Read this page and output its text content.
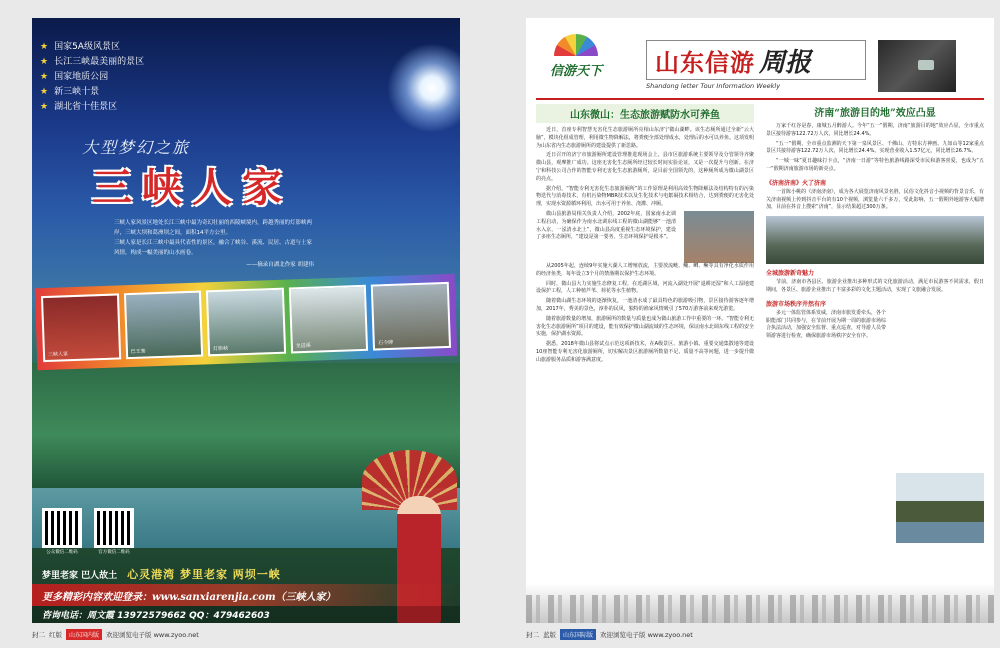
★ 国家5A级风景区
★ 长江三峡最美丽的景区
★ 国家地质公园
★ 新三峡十景
★ 湖北省十佳景区
大型梦幻之旅
三峡人家

三峡人家风景区地处长江三峡中最为奇幻壮丽的西陵峡境内，跨越秀丽的灯影峡两岸，三峡大坝和葛洲坝之间，面积14平方公里。

三峡人家是长江三峡中最具代表性的景区，融合了峡谷、溪流、民居、古道与土家风情，构成一幅美丽的山水画卷。

——摘录自湖北作家 胡建伟

三峡人家	巴王寨	灯影峡	龙进溪	石令牌
公众微信二维码	官方微信二维码
梦里老家 巴人故土 心灵港湾 梦里老家 两坝一峡
更多精彩内容欢迎登录：www.sanxiarenjia.com（三峡人家）
咨询电话：周文霞 13972579662 QQ：479462603
封二 红版	山东国内版	欢迎浏览电子版 www.zyoo.net
信游天下	山东信游 周报
Shandong letter Tour Information Weekly
山东微山：生态旅游赋防水可养鱼

近日，首座专利智慧无害化生态旅游厕所亮相山东济宁微山湖畔。该生态厕所通过全新“云大脑”，模块化组成管理，利用微生物降解法，将粪便全部处理成水，处理后的水可以养鱼。这项发明为山东省内生态旅游厕所的建设提供了新思路。

近日召开的济宁市旅游厕所建设管理推进现场会上，县市区旅游系统主要领导及分管领导齐聚微山县，观摩推广成功。这座无害化生态厕所经过较长时间实验论证，又是一次提升与创新。在济宁和科技公司合作的智能专利无害化生态旅游厕所，是目前全国领先的，这种厕所成为微山湖景区的亮点。

据介绍，“智能专利无害化生态旅游厕所”的工作原理是利用高效生物降解法及结构特有的污染物迭代与消毒技术，有机污染物MBR技术以及生化技术与电絮凝技术相结合，达到粪便的无害化处理，实现水资源循环利用，出水可用于养鱼、浇灌、冲厕。

微山县旅游局相关负责人介绍，2002年底，国家南水北调工程启动，为确保作为南水北调东线工程的微山湖能够“一池清水入京，一泓清水北上”，微山县高度重视生态环境保护，建设了多座生态厕所，“建设是第一要务，生态环境保护是根本”。

从2005年起，连续9年实施大湖人工增殖放流，主要放流鲢、鳙、鲫、鳜等具有净化水质作用的经济鱼类，每年设立3个月的禁渔期以保护生态环境。

同时，微山县大力实施生态修复工程，在近湖区域，河流入湖处开展“退耕还湿”和人工湿地建设保护工程，人工种植芦苇、荷花等水生植物。

随着微山湖生态环境的逐渐恢复，一池清水成了最具特色的旅游吸引物，景区接待游客逐年增加，2017年，秀美的景色，淳朴的民风，独特的渔家风情吸引了570万游客前来观光游览。

随着旅游数量的增加，旅游厕所的数量与质量也成为微山旅游工作中重要的一环。“智能专利无害化生态旅游厕所”项目的建设，能有效保护微山湖流域的生态环境，保证南水北调东线工程的安全实施，保护湖水资源。

据悉，2018年微山县将试点示范这项新技术，在A级景区、旅游小镇、重要交通集散地等建设10座智能专利无害化旅游厕所，切实解决景区旅游厕所数量不足、质量不高等问题，进一步提升微山旅游服务品质和游客满意度。

济南“旅游目的地”效应凸显

万家千红谷是春，康城五月醉游人。今年“五一”假期，济南“旅游目的地”效应凸显，全市重点景区接待游客122.72万人次，同比增长24.4%。

“五一”假期，全市重点监测的天下第一泉风景区、千佛山、方特东方神画、九如山等12家重点景区共接待游客122.72万人次，同比增长24.4%。实现营业收入1.57亿元，同比增长26.7%。

“一城一味”夏日趣味打卡点，“济南一日游”等特色旅游线路深受市民和游客喜爱，也成为“五一”假期济南旅游市场的新亮点。

《济南济南》火了济南

一首陈小桃的《济南济南》，成为各大展览济南风景名胜，民俗文化抖音小视频的背景音乐，有关济南视频上传到抖音平台的有10个视频，浏览量六千多万，受此影响，五一假期外地游客大幅增加，目前在抖音上搜索“济南”，显示结果超过300万条。

全城旅游新奇魅力

节前，济南市各县区、旅游企业推出多种形式的文化旅游活动，满足市民游客不同需求，假日期间，各景区、旅游企业推出了丰富多彩的文化主题活动，实现了文旅融合发展。

旅游市场秩序井然有序

多元一体监管体系发威，济南市旅发委牵头，各个职能部门共同参与，在节前开展为期一周的旅游市场综合执法活动，加强安全监督、重点巡查，对导游人员带领游客进行检查，确保旅游市场秩序安全有序。

封二 蓝版	山东国际版	欢迎浏览电子版 www.zyoo.net
